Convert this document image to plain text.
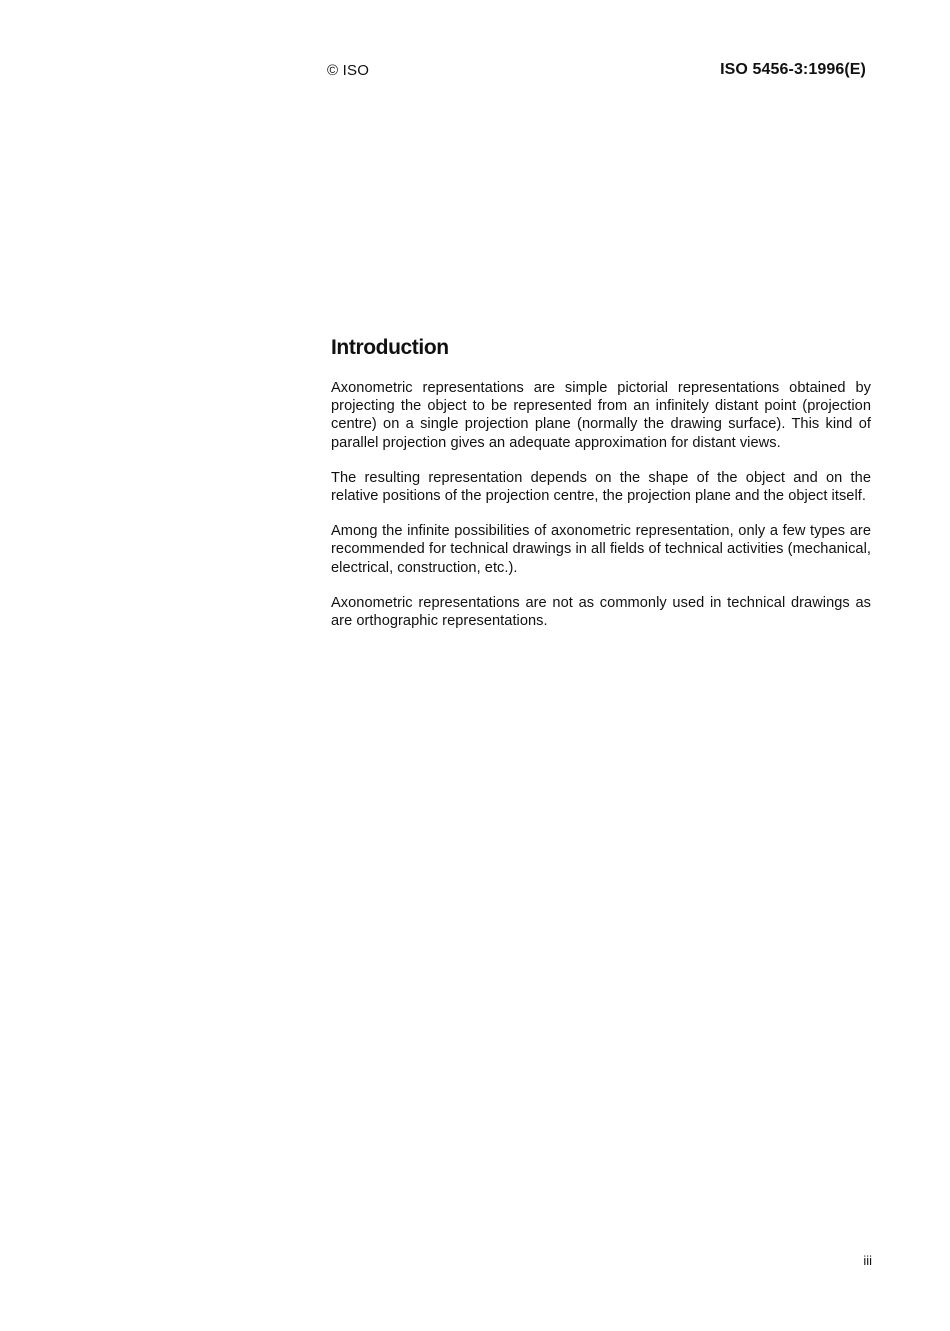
© ISO	ISO 5456-3:1996(E)
Introduction

Axonometric representations are simple pictorial representations obtained by projecting the object to be represented from an infinitely distant point (projection centre) on a single projection plane (normally the drawing surface). This kind of parallel projection gives an adequate approximation for distant views.

The resulting representation depends on the shape of the object and on the relative positions of the projection centre, the projection plane and the object itself.

Among the infinite possibilities of axonometric representation, only a few types are recommended for technical drawings in all fields of technical activities (mechanical, electrical, construction, etc.).

Axonometric representations are not as commonly used in technical drawings as are orthographic representations.

iii
